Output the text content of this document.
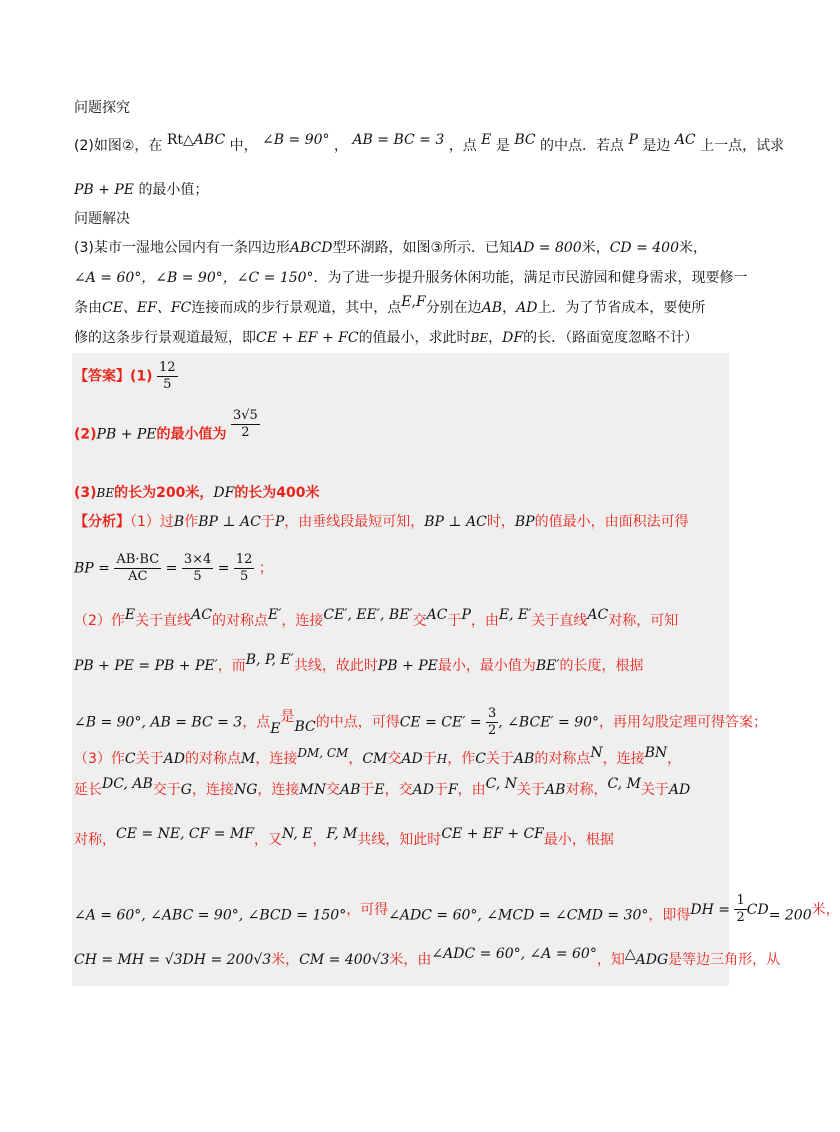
问题探究
(2)如图②，在 Rt△ABC 中， ∠B = 90° ， AB = BC = 3 ，点 E 是 BC 的中点．若点 P 是边 AC 上一点，试求
PB + PE 的最小值；
问题解决
(3)某市一湿地公园内有一条四边形ABCD型环湖路，如图③所示．已知AD = 800米，CD = 400米，
∠A = 60°，∠B = 90°，∠C = 150°．为了进一步提升服务休闲功能，满足市民游园和健身需求，现要修一
条由CE、EF、FC连接而成的步行景观道，其中，点E,F分别在边AB，AD上．为了节省成本，要使所
修的这条步行景观道最短，即CE + EF + FC的值最小，求此时BE，DF的长．（路面宽度忽略不计）
【答案】$(1) \frac{12}{5}$
(2)PB + PE的最小值为 $\frac{3√5}{2}$
(3)BE的长为200米，DF的长为400米
【分析】（1）过B作BP ⊥ AC于P，由垂线段最短可知，BP ⊥ AC时，BP的值最小，由面积法可得
BP = $\frac{AB\cdot BC}{AC} = \frac{3\times 4}{5} = \frac{12}{5}$ ；
（2）作E关于直线AC的对称点E′，连接CE′, EE′, BE′交AC于P，由E, E′关于直线AC对称，可知
PB + PE = PB + PE′，而B, P, E′共线，故此时PB + PE最小，最小值为BE′的长度，根据
∠B = 90°, AB = BC = 3，点E是BC的中点，可得CE = $CE' = \frac{3}{2}$ , ∠BCE′ = 90°，再用勾股定理可得答案；
（3）作C关于AD的对称点M，连接DM, CM，CM交AD于H，作C关于AB的对称点N，连接BN，
延长DC, AB交于G，连接NG，连接MN交AB于E，交AD于F，由C, N关于AB对称，C, M关于AD
对称，CE = NE, CF = MF，又N, E，F, M共线，知此时CE + EF + CF最小，根据
∠A = 60°, ∠ABC = 90°, ∠BCD = 150°，可得∠ADC = 60°, ∠MCD = ∠CMD = 30°，即得DH = $\frac{1}{2} CD= 200$米，
CH = MH = √3DH = 200√3米，CM = 400√3米，由∠ADC = 60°, ∠A = 60°，知△ADG是等边三角形，从
